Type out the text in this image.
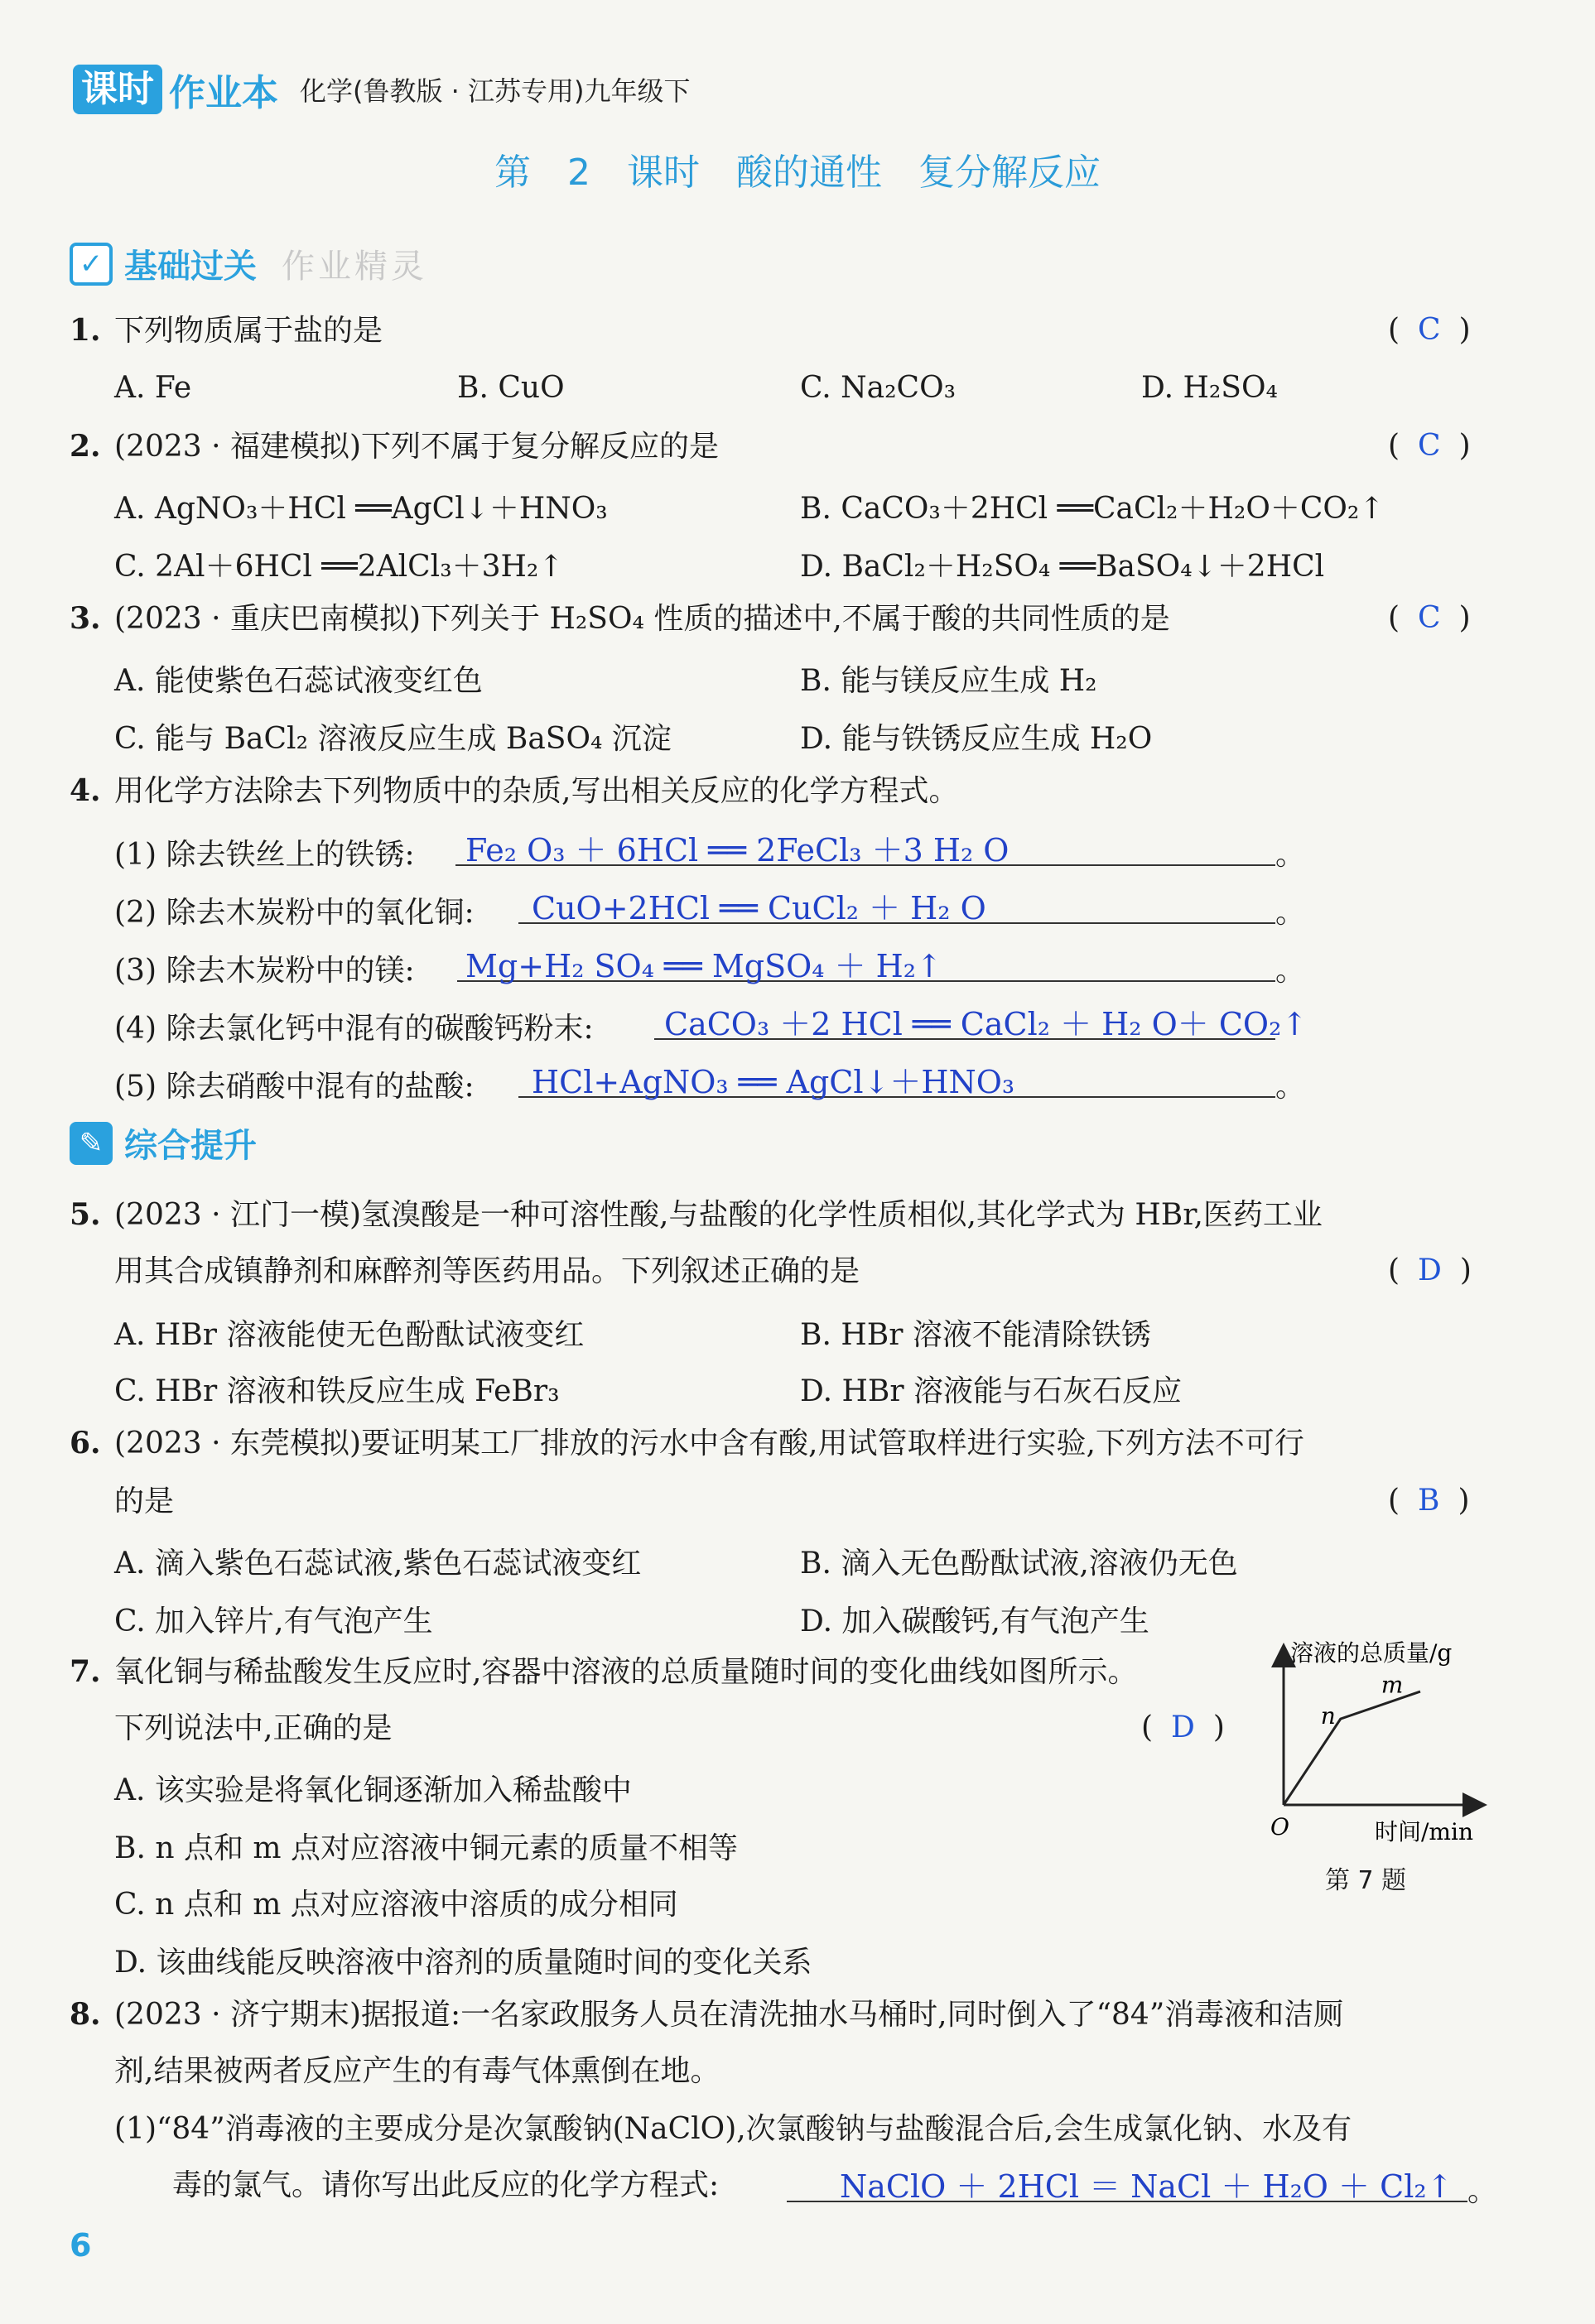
课时 作业本 化学(鲁教版 · 江苏专用)九年级下
第 2 课时　酸的通性　复分解反应
✓ 基础过关 作业精灵
1. 下列物质属于盐的是	( C )
A. Fe	B. CuO	C. Na₂CO₃	D. H₂SO₄
2. (2023 · 福建模拟)下列不属于复分解反应的是	( C )
A. AgNO₃＋HCl ══AgCl↓＋HNO₃	B. CaCO₃＋2HCl ══CaCl₂＋H₂O＋CO₂↑
C. 2Al＋6HCl ══2AlCl₃＋3H₂↑	D. BaCl₂＋H₂SO₄ ══BaSO₄↓＋2HCl
3. (2023 · 重庆巴南模拟)下列关于 H₂SO₄ 性质的描述中,不属于酸的共同性质的是	( C )
A. 能使紫色石蕊试液变红色	B. 能与镁反应生成 H₂
C. 能与 BaCl₂ 溶液反应生成 BaSO₄ 沉淀	D. 能与铁锈反应生成 H₂O
4. 用化学方法除去下列物质中的杂质,写出相关反应的化学方程式。
(1) 除去铁丝上的铁锈: Fe₂ O₃ ＋ 6HCl ══ 2FeCl₃ ＋3 H₂ O	。
(2) 除去木炭粉中的氧化铜: CuO+2HCl ══ CuCl₂ ＋ H₂ O	。
(3) 除去木炭粉中的镁: Mg+H₂ SO₄ ══ MgSO₄ ＋ H₂↑	。
(4) 除去氯化钙中混有的碳酸钙粉末: CaCO₃ ＋2 HCl ══ CaCl₂ ＋ H₂ O＋ CO₂↑
(5) 除去硝酸中混有的盐酸: HCl+AgNO₃ ══ AgCl↓＋HNO₃	。
✎ 综合提升
5. (2023 · 江门一模)氢溴酸是一种可溶性酸,与盐酸的化学性质相似,其化学式为 HBr,医药工业
用其合成镇静剂和麻醉剂等医药用品。下列叙述正确的是	( D )
A. HBr 溶液能使无色酚酞试液变红	B. HBr 溶液不能清除铁锈
C. HBr 溶液和铁反应生成 FeBr₃	D. HBr 溶液能与石灰石反应
6. (2023 · 东莞模拟)要证明某工厂排放的污水中含有酸,用试管取样进行实验,下列方法不可行
的是	( B )
A. 滴入紫色石蕊试液,紫色石蕊试液变红	B. 滴入无色酚酞试液,溶液仍无色
C. 加入锌片,有气泡产生	D. 加入碳酸钙,有气泡产生
7. 氧化铜与稀盐酸发生反应时,容器中溶液的总质量随时间的变化曲线如图所示。
下列说法中,正确的是	( D )
A. 该实验是将氧化铜逐渐加入稀盐酸中
B. n 点和 m 点对应溶液中铜元素的质量不相等
C. n 点和 m 点对应溶液中溶质的成分相同
D. 该曲线能反映溶液中溶剂的质量随时间的变化关系
溶液的总质量/g
时间/min
O
n
m
第 7 题
8. (2023 · 济宁期末)据报道:一名家政服务人员在清洗抽水马桶时,同时倒入了“84”消毒液和洁厕
剂,结果被两者反应产生的有毒气体熏倒在地。
(1)“84”消毒液的主要成分是次氯酸钠(NaClO),次氯酸钠与盐酸混合后,会生成氯化钠、水及有
毒的氯气。请你写出此反应的化学方程式:	NaClO ＋ 2HCl ＝ NaCl ＋ H₂O ＋ Cl₂↑ 。
6
